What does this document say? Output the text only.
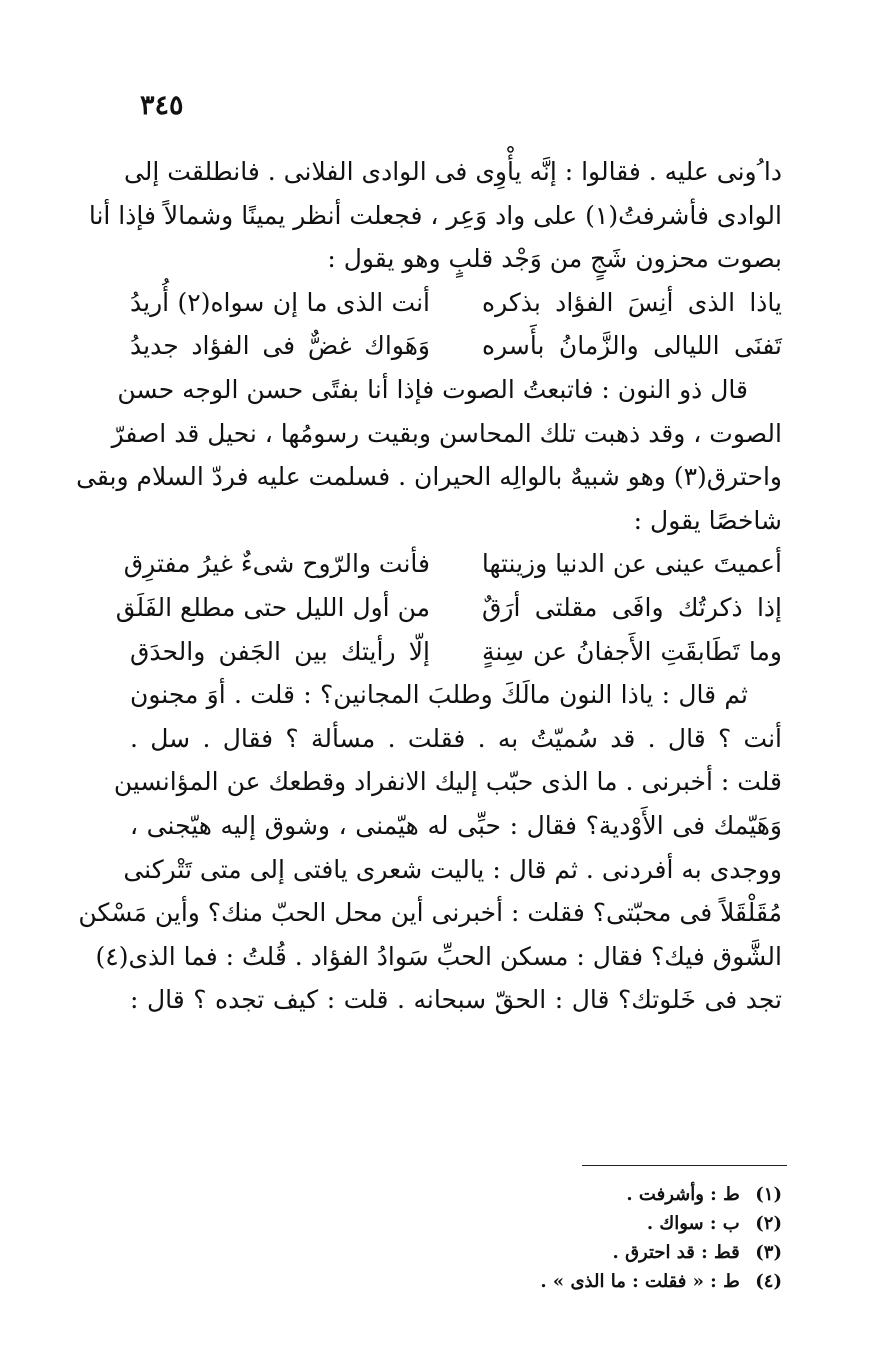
٣٤٥
دا ُونى عليه . فقالوا : إنَّه يأْوِى فى الوادى الفلانى . فانطلقت إلى
الوادى فأشرفتُ(١) على واد وَعِر ، فجعلت أنظر يمينًا وشمالاً فإذا أنا
بصوت محزون شَجٍ من وَجْد قلبٍ وهو يقول :
ياذا الذى أنِسَ الفؤاد بذكره
أنت الذى ما إن سواه(٢) أُريدُ
تَفنَى الليالى والزَّمانُ بأَسره
وَهَواك غضٌّ فى الفؤاد جديدُ
قال ذو النون : فاتبعتُ الصوت فإذا أنا بفتًى حسن الوجه حسن
الصوت ، وقد ذهبت تلك المحاسن وبقيت رسومُها ، نحيل قد اصفرّ
واحترق(٣) وهو شبيهٌ بالوالِه الحيران . فسلمت عليه فردّ السلام وبقى
شاخصًا يقول :
أعميتَ عينى عن الدنيا وزينتها
فأنت والرّوح شىءٌ غيرُ مفترِق
إذا ذكرتُك وافَى مقلتى أرَقٌ
من أول الليل حتى مطلع الفَلَق
وما تَطَابقَتِ الأَجفانُ عن سِنةٍ
إلّا رأيتك بين الجَفن والحدَق
ثم قال : ياذا النون مالَكَ وطلبَ المجانين؟ : قلت . أوَ مجنون
أنت ؟ قال . قد سُميّتُ به . فقلت . مسألة ؟ فقال . سل .
قلت : أخبرنى . ما الذى حبّب إليك الانفراد وقطعك عن المؤانسين
وَهَيّمك فى الأَوْدية؟ فقال : حبِّى له هيّمنى ، وشوق إليه هيّجنى ،
ووجدى به أفردنى . ثم قال : ياليت شعرى يافتى إلى متى تَتْركنى
مُقَلْقَلاً فى محبّتى؟ فقلت : أخبرنى أين محل الحبّ منك؟ وأين مَسْكن
الشَّوق فيك؟ فقال : مسكن الحبِّ سَوادُ الفؤاد . قُلتُ : فما الذى(٤)
تجد فى خَلوتك؟ قال : الحقّ سبحانه . قلت : كيف تجده ؟ قال :
(١) ط : وأشرفت .
(٢) ب : سواك .
(٣) قط : قد احترق .
(٤) ط : « فقلت : ما الذى » .
